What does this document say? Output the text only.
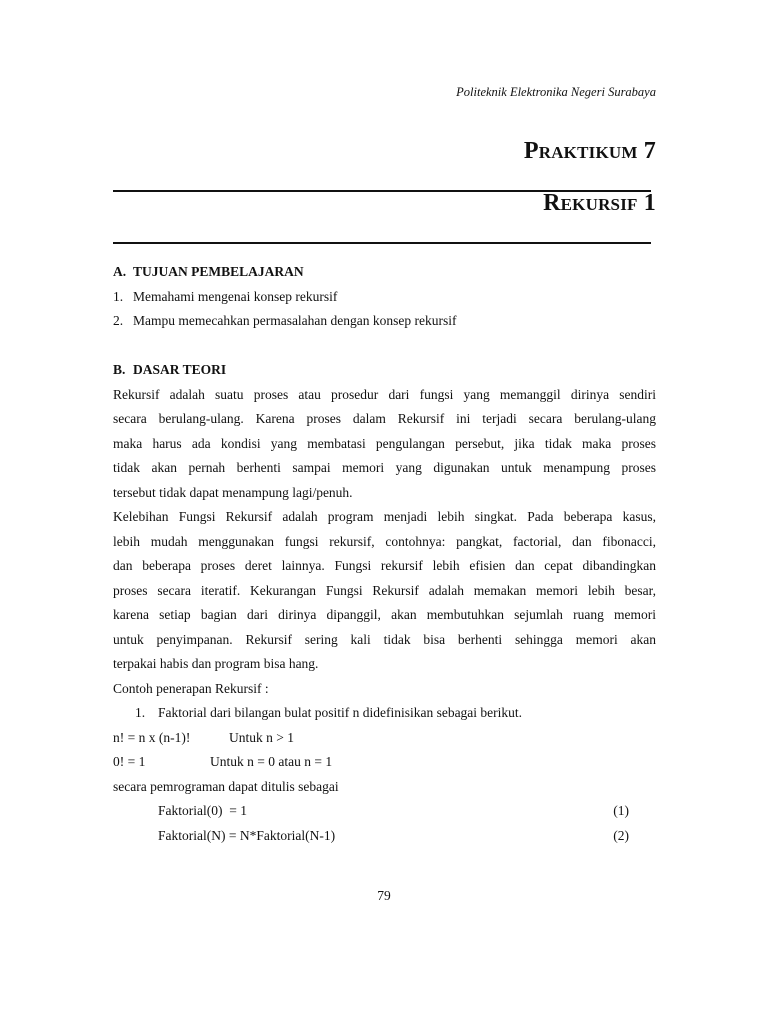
Politeknik Elektronika Negeri Surabaya
Praktikum 7
Rekursif 1
A. TUJUAN PEMBELAJARAN
1. Memahami mengenai konsep rekursif
2. Mampu memecahkan permasalahan dengan konsep rekursif
B. DASAR TEORI
Rekursif adalah suatu proses atau prosedur dari fungsi yang memanggil dirinya sendiri
secara berulang-ulang. Karena proses dalam Rekursif ini terjadi secara berulang-ulang
maka harus ada kondisi yang membatasi pengulangan persebut, jika tidak maka proses
tidak akan pernah berhenti sampai memori yang digunakan untuk menampung proses
tersebut tidak dapat menampung lagi/penuh.
Kelebihan Fungsi Rekursif adalah program menjadi lebih singkat. Pada beberapa kasus,
lebih mudah menggunakan fungsi rekursif, contohnya: pangkat, factorial, dan fibonacci,
dan beberapa proses deret lainnya. Fungsi rekursif lebih efisien dan cepat dibandingkan
proses secara iteratif. Kekurangan Fungsi Rekursif adalah memakan memori lebih besar,
karena setiap bagian dari dirinya dipanggil, akan membutuhkan sejumlah ruang memori
untuk penyimpanan. Rekursif sering kali tidak bisa berhenti sehingga memori akan
terpakai habis dan program bisa hang.
Contoh penerapan Rekursif :
1. Faktorial dari bilangan bulat positif n didefinisikan sebagai berikut.
n! = n x (n-1)!	Untuk n > 1
0! = 1	Untuk n = 0 atau n = 1
secara pemrograman dapat ditulis sebagai
Faktorial(0)  = 1	(1)
Faktorial(N) = N*Faktorial(N-1)	(2)
79
